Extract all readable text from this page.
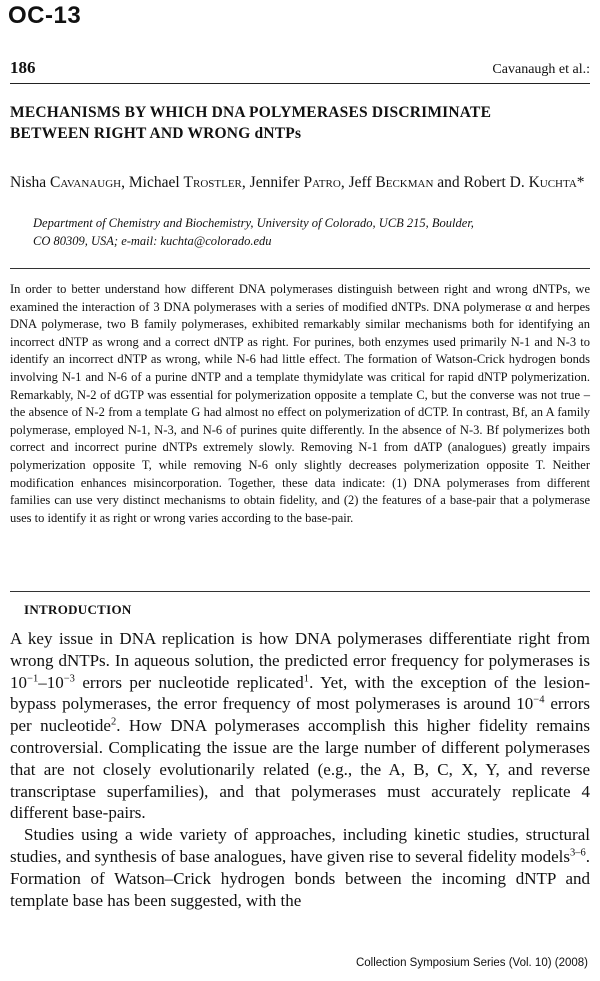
OC-13
186	Cavanaugh et al.:
MECHANISMS BY WHICH DNA POLYMERASES DISCRIMINATE
BETWEEN RIGHT AND WRONG dNTPs
Nisha Cavanaugh, Michael Trostler, Jennifer Patro, Jeff Beckman and Robert D. Kuchta*
Department of Chemistry and Biochemistry, University of Colorado, UCB 215, Boulder,
CO 80309, USA; e-mail: kuchta@colorado.edu
In order to better understand how different DNA polymerases distinguish between right and wrong dNTPs, we examined the interaction of 3 DNA polymerases with a series of modified dNTPs. DNA polymerase α and herpes DNA polymerase, two B family polymerases, exhibited remarkably similar mechanisms both for identifying an incorrect dNTP as wrong and a correct dNTP as right. For purines, both enzymes used primarily N-1 and N-3 to identify an incorrect dNTP as wrong, while N-6 had little effect. The formation of Watson-Crick hydrogen bonds involving N-1 and N-6 of a purine dNTP and a template thymidylate was critical for rapid dNTP polymerization. Remarkably, N-2 of dGTP was essential for polymerization opposite a template C, but the converse was not true – the absence of N-2 from a template G had almost no effect on polymerization of dCTP. In contrast, Bf, an A family polymerase, employed N-1, N-3, and N-6 of purines quite differently. In the absence of N-3. Bf polymerizes both correct and incorrect purine dNTPs extremely slowly. Removing N-1 from dATP (analogues) greatly impairs polymerization opposite T, while removing N-6 only slightly decreases polymerization opposite T. Neither modification enhances misincorporation. Together, these data indicate: (1) DNA polymerases from different families can use very distinct mechanisms to obtain fidelity, and (2) the features of a base-pair that a polymerase uses to identify it as right or wrong varies according to the base-pair.
INTRODUCTION

A key issue in DNA replication is how DNA polymerases differentiate right from wrong dNTPs. In aqueous solution, the predicted error frequency for polymerases is $10^{-1}-10^{-3}$ errors per nucleotide replicated$^1$. Yet, with the exception of the lesion-bypass polymerases, the error frequency of most polymerases is around $10^{-4}$ errors per nucleotide$^2$. How DNA polymerases accomplish this higher fidelity remains controversial. Complicating the issue are the large number of different polymerases that are not closely evolutionarily related (e.g., the A, B, C, X, Y, and reverse transcriptase superfamilies), and that polymerases must accurately replicate 4 different base-pairs.

Studies using a wide variety of approaches, including kinetic studies, structural studies, and synthesis of base analogues, have given rise to several fidelity models$^{3-6}$. Formation of Watson–Crick hydrogen bonds between the incoming dNTP and template base has been suggested, with the

Collection Symposium Series (Vol. 10) (2008)
